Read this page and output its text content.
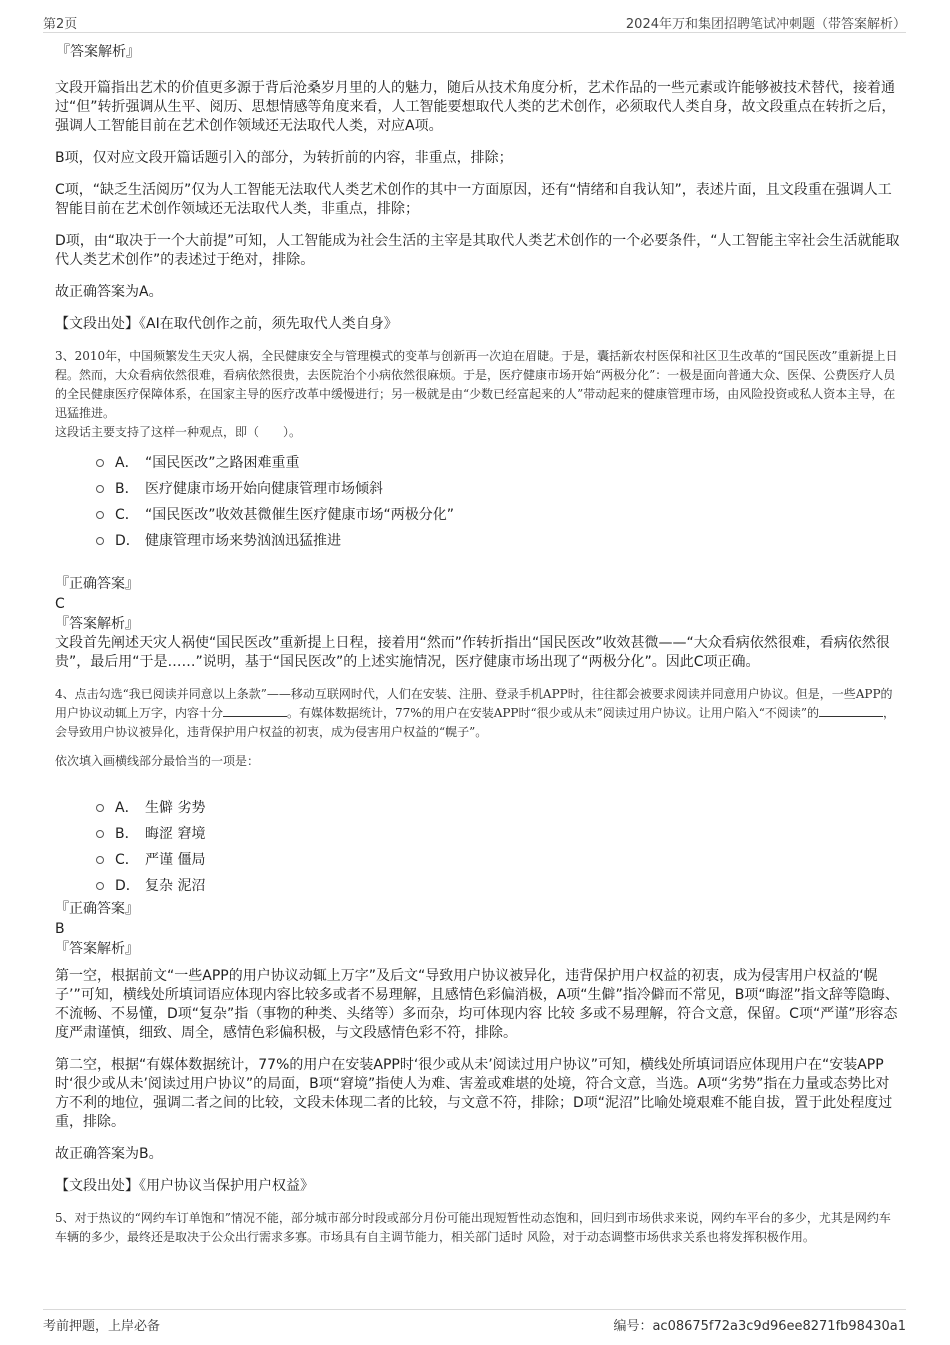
第2页	2024年万和集团招聘笔试冲刺题（带答案解析）
『答案解析』

文段开篇指出艺术的价值更多源于背后沧桑岁月里的人的魅力，随后从技术角度分析，艺术作品的一些元素或许能够被技术替代，接着通过“但”转折强调从生平、阅历、思想情感等角度来看，人工智能要想取代人类的艺术创作，必须取代人类自身，故文段重点在转折之后，强调人工智能目前在艺术创作领域还无法取代人类，对应A项。

B项，仅对应文段开篇话题引入的部分，为转折前的内容，非重点，排除；

C项，“缺乏生活阅历”仅为人工智能无法取代人类艺术创作的其中一方面原因，还有“情绪和自我认知”，表述片面，且文段重在强调人工智能目前在艺术创作领域还无法取代人类，非重点，排除；

D项，由“取决于一个大前提”可知，人工智能成为社会生活的主宰是其取代人类艺术创作的一个必要条件，“人工智能主宰社会生活就能取代人类艺术创作”的表述过于绝对，排除。

故正确答案为A。

【文段出处】《AI在取代创作之前，须先取代人类自身》

3、2010年，中国频繁发生天灾人祸，全民健康安全与管理模式的变革与创新再一次迫在眉睫。于是，囊括新农村医保和社区卫生改革的“国民医改”重新提上日程。然而，大众看病依然很难，看病依然很贵，去医院治个小病依然很麻烦。于是，医疗健康市场开始“两极分化”：一极是面向普通大众、医保、公费医疗人员的全民健康医疗保障体系，在国家主导的医疗改革中缓慢进行；另一极就是由“少数已经富起来的人”带动起来的健康管理市场，由风险投资或私人资本主导，在迅猛推进。

这段话主要支持了这样一种观点，即（　　）。

A． “国民医改”之路困难重重
B． 医疗健康市场开始向健康管理市场倾斜
C． “国民医改”收效甚微催生医疗健康市场“两极分化”
D． 健康管理市场来势汹汹迅猛推进
『正确答案』
C
『答案解析』

文段首先阐述天灾人祸使“国民医改”重新提上日程，接着用“然而”作转折指出“国民医改”收效甚微——“大众看病依然很难，看病依然很贵”，最后用“于是……”说明，基于“国民医改”的上述实施情况，医疗健康市场出现了“两极分化”。因此C项正确。

4、点击勾选“我已阅读并同意以上条款”——移动互联网时代，人们在安装、注册、登录手机APP时，往往都会被要求阅读并同意用户协议。但是，一些APP的用户协议动辄上万字，内容十分	。有媒体数据统计，77%的用户在安装APP时“很少或从未”阅读过用户协议。让用户陷入“不阅读”的	，会导致用户协议被异化，违背保护用户权益的初衷，成为侵害用户权益的“幌子”。

依次填入画横线部分最恰当的一项是：

A． 生僻 劣势
B． 晦涩 窘境
C． 严谨 僵局
D． 复杂 泥沼
『正确答案』
B
『答案解析』

第一空，根据前文“一些APP的用户协议动辄上万字”及后文“导致用户协议被异化，违背保护用户权益的初衷，成为侵害用户权益的‘幌子’”可知，横线处所填词语应体现内容比较多或者不易理解，且感情色彩偏消极，A项“生僻”指冷僻而不常见，B项“晦涩”指文辞等隐晦、不流畅、不易懂，D项“复杂”指（事物的种类、头绪等）多而杂，均可体现内容 比较 多或不易理解，符合文意，保留。C项“严谨”形容态度严肃谨慎，细致、周全，感情色彩偏积极，与文段感情色彩不符，排除。

第二空，根据“有媒体数据统计，77%的用户在安装APP时‘很少或从未’阅读过用户协议”可知，横线处所填词语应体现用户在“安装APP时‘很少或从未’阅读过用户协议”的局面，B项“窘境”指使人为难、害羞或难堪的处境，符合文意，当选。A项“劣势”指在力量或态势比对方不利的地位，强调二者之间的比较，文段未体现二者的比较，与文意不符，排除；D项“泥沼”比喻处境艰难不能自拔，置于此处程度过重，排除。

故正确答案为B。

【文段出处】《用户协议当保护用户权益》

5、对于热议的“网约车订单饱和”情况不能，部分城市部分时段或部分月份可能出现短暂性动态饱和，回归到市场供求来说，网约车平台的多少，尤其是网约车车辆的多少，最终还是取决于公众出行需求多寡。市场具有自主调节能力，相关部门适时 风险，对于动态调整市场供求关系也将发挥积极作用。

考前押题，上岸必备	编号：ac08675f72a3c9d96ee8271fb98430a1
